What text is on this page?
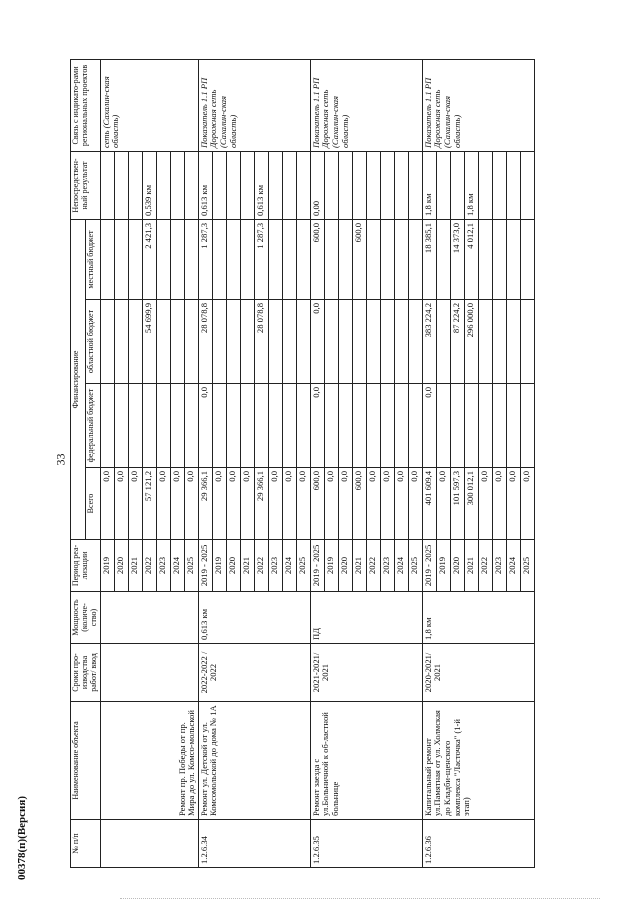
33
№ п/п	Наименование объекта	Сроки про-изводства работ/ ввод	Мощность (количе-ство)	Период реа-лизации	Финансирование				Непосредствен-ный результат	Связь с индикато-рами региональных проектов
					Всего	федеральный бюджет	областной бюджет	местный бюджет		
	Ремонт пр. Победы от пр. Мира до ул. Комсо-мольской			2019	0,0					сеть (Сахалин-ская область)
				2020	0,0					
				2021	0,0					
				2022	57 121,2		54 699,9	2 421,3	0,539 км	
				2023	0,0					
				2024	0,0					
				2025	0,0					
1.2.6.34	Ремонт ул. Детской от ул. Комсомольской до дома № 1А	2022-2022 / 2022	0,613 км	2019 - 2025	29 366,1	0,0	28 078,8	1 287,3	0,613 км	Показатель 1.1 РП Дорожная сеть (Сахалин-ская область)
				2019	0,0					
				2020	0,0					
				2021	0,0					
				2022	29 366,1		28 078,8	1 287,3	0,613 км	
				2023	0,0					
				2024	0,0					
				2025	0,0					
1.2.6.35	Ремонт заезда с ул.Больничной к об-ластной больнице	2021-2021/ 2021	ПД	2019 - 2025	600,0	0,0	0,0	600,0	0,00	Показатель 1.1 РП Дорожная сеть (Сахалин-ская область)
				2019	0,0					
				2020	0,0					
				2021	600,0			600,0		
				2022	0,0					
				2023	0,0					
				2024	0,0					
				2025	0,0					
1.2.6.36	Капитальный ремонт ул.Памятная от ул. Холмская до Кладби-щенского комплекса "Ласточка" (1-й этап)	2020-2021/ 2021	1,8 км	2019 - 2025	401 609,4	0,0	383 224,2	18 385,1	1,8 км	Показатель 1.1 РП Дорожная сеть (Сахалин-ская область)
				2019	0,0					
				2020	101 597,3		87 224,2	14 373,0		
				2021	300 012,1		296 000,0	4 012,1	1,8 км	
				2022	0,0					
				2023	0,0					
				2024	0,0					
				2025	0,0					
00378(п)(Версия)
